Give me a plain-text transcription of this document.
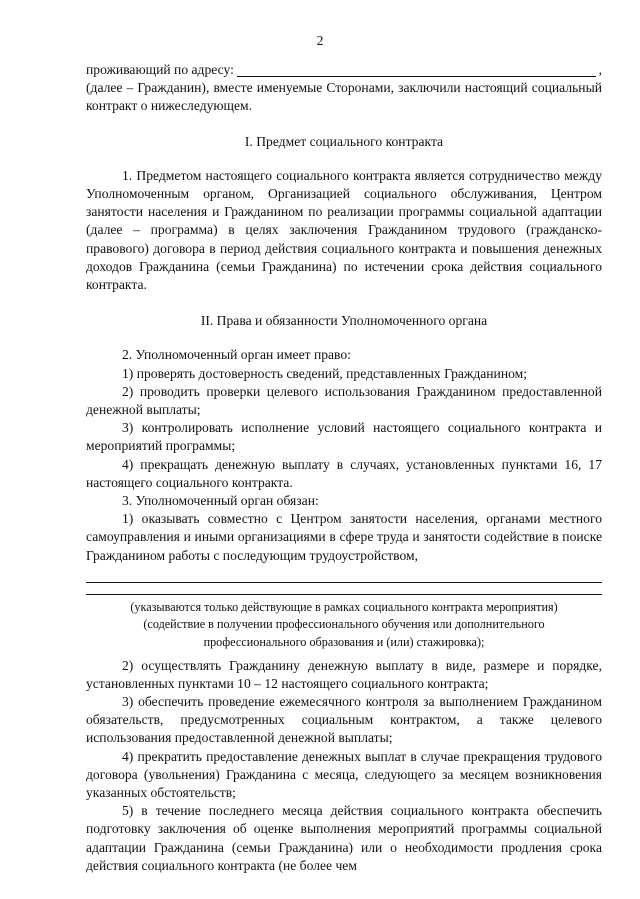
2
проживающий по адресу:	,

(далее – Гражданин), вместе именуемые Сторонами, заключили настоящий социальный контракт о нижеследующем.

I. Предмет социального контракта

1. Предметом настоящего социального контракта является сотрудничество между Уполномоченным органом, Организацией социального обслуживания, Центром занятости населения и Гражданином по реализации программы социальной адаптации (далее – программа) в целях заключения Гражданином трудового (гражданско-правового) договора в период действия социального контракта и повышения денежных доходов Гражданина (семьи Гражданина) по истечении срока действия социального контракта.

II. Права и обязанности Уполномоченного органа

2. Уполномоченный орган имеет право:

1) проверять достоверность сведений, представленных Гражданином;

2) проводить проверки целевого использования Гражданином предоставленной денежной выплаты;

3) контролировать исполнение условий настоящего социального контракта и мероприятий программы;

4) прекращать денежную выплату в случаях, установленных пунктами 16, 17 настоящего социального контракта.

3. Уполномоченный орган обязан:

1) оказывать совместно с Центром занятости населения, органами местного самоуправления и иными организациями в сфере труда и занятости содействие в поиске Гражданином работы с последующим трудоустройством,

(указываются только действующие в рамках социального контракта мероприятия)
(содействие в получении профессионального обучения или дополнительного
профессионального образования и (или) стажировка);

2) осуществлять Гражданину денежную выплату в виде, размере и порядке, установленных пунктами 10 – 12 настоящего социального контракта;

3) обеспечить проведение ежемесячного контроля за выполнением Гражданином обязательств, предусмотренных социальным контрактом, а также целевого использования предоставленной денежной выплаты;

4) прекратить предоставление денежных выплат в случае прекращения трудового договора (увольнения) Гражданина с месяца, следующего за месяцем возникновения указанных обстоятельств;

5) в течение последнего месяца действия социального контракта обеспечить подготовку заключения об оценке выполнения мероприятий программы социальной адаптации Гражданина (семьи Гражданина) или о необходимости продления срока действия социального контракта (не более чем
